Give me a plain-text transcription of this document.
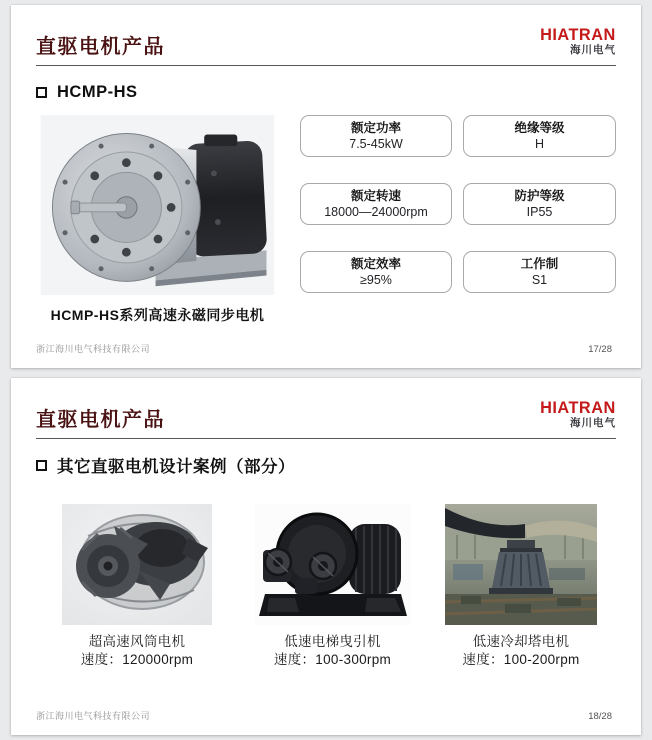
直驱电机产品
HIATRAN
海川电气
HCMP-HS
HCMP-HS系列高速永磁同步电机
额定功率
7.5-45kW
绝缘等级
H
额定转速
18000—24000rpm
防护等级
IP55
额定效率
≥95%
工作制
S1
浙江海川电气科技有限公司	17/28
直驱电机产品
HIATRAN
海川电气
其它直驱电机设计案例（部分）
超高速风筒电机
速度：120000rpm
低速电梯曳引机
速度：100-300rpm
低速冷却塔电机
速度：100-200rpm
浙江海川电气科技有限公司	18/28
